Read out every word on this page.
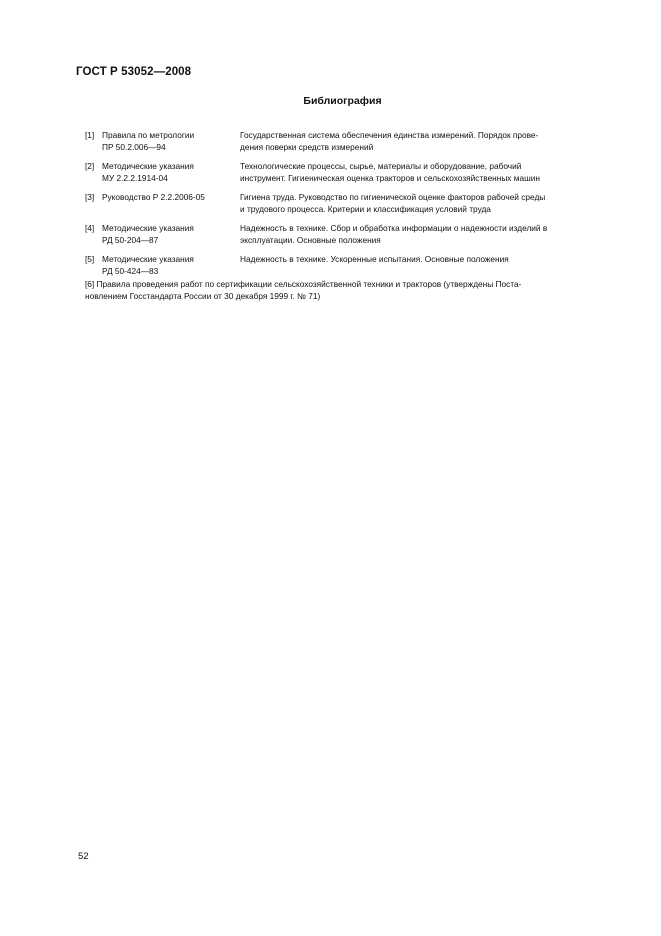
ГОСТ Р 53052—2008
Библиография
[1] Правила по метрологии
ПР 50.2.006—94
Государственная система обеспечения единства измерений. Порядок прове-
дения поверки средств измерений
[2] Методические указания
МУ 2.2.2.1914-04
Технологические процессы, сырье, материалы и оборудование, рабочий
инструмент. Гигиеническая оценка тракторов и сельскохозяйственных машин
[3] Руководство Р 2.2.2006-05	Гигиена труда. Руководство по гигиенической оценке факторов рабочей среды
и трудового процесса. Критерии и классификация условий труда
[4] Методические указания
РД 50-204—87
Надежность в технике. Сбор и обработка информации о надежности изделий в
эксплуатации. Основные положения
[5] Методические указания
РД 50-424—83
Надежность в технике. Ускоренные испытания. Основные положения
[6] Правила проведения работ по сертификации сельскохозяйственной техники и тракторов (утверждены Поста-
новлением Госстандарта России от 30 декабря 1999 г. № 71)
52
